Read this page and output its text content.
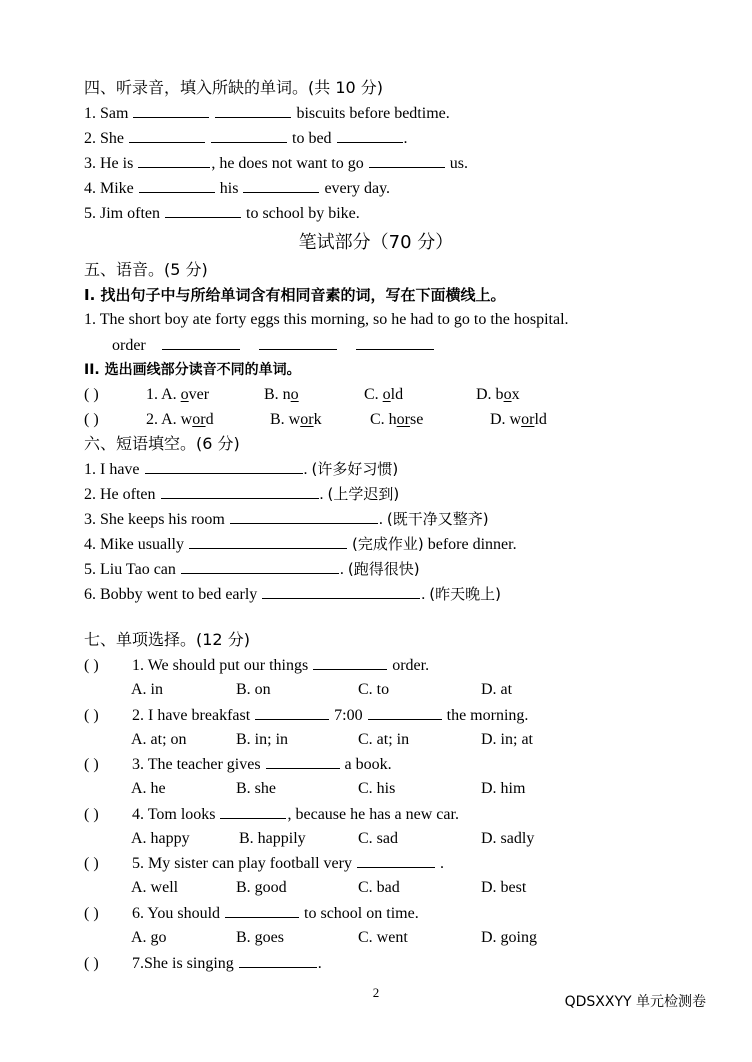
四、听录音，填入所缺的单词。(共 10 分)
1. Sam	biscuits before bedtime.
2. She	to bed	.
3. He is	, he does not want to go	us.
4. Mike	his	every day.
5. Jim often	to school by bike.
笔试部分（70 分）
五、语音。(5 分)
I. 找出句子中与所给单词含有相同音素的词，写在下面横线上。
1. The short boy ate forty eggs this morning, so he had to go to the hospital.
order
II. 选出画线部分读音不同的单词。
( )	1. A. over	B. no	C. old	D. box
( )	2. A. word	B. work	C. horse	D. world
六、短语填空。(6 分)
1. I have	. (许多好习惯)
2. He often	. (上学迟到)
3. She keeps his room	. (既干净又整齐)
4. Mike usually	(完成作业) before dinner.
5. Liu Tao can	. (跑得很快)
6. Bobby went to bed early	. (昨天晚上)
七、单项选择。(12 分)
( ) 1. We should put our things	order.
A. in	B. on	C. to	D. at
( ) 2. I have breakfast	7:00	the morning.
A. at; on	B. in; in	C. at; in	D. in; at
( ) 3. The teacher gives	a book.
A. he	B. she	C. his	D. him
( ) 4. Tom looks	, because he has a new car.
A. happy	B. happily	C. sad	D. sadly
( ) 5. My sister can play football very	.
A. well	B. good	C. bad	D. best
( ) 6. You should	to school on time.
A. go	B. goes	C. went	D. going
( ) 7.She is singing	.
2
QDSXXYY 单元检测卷
